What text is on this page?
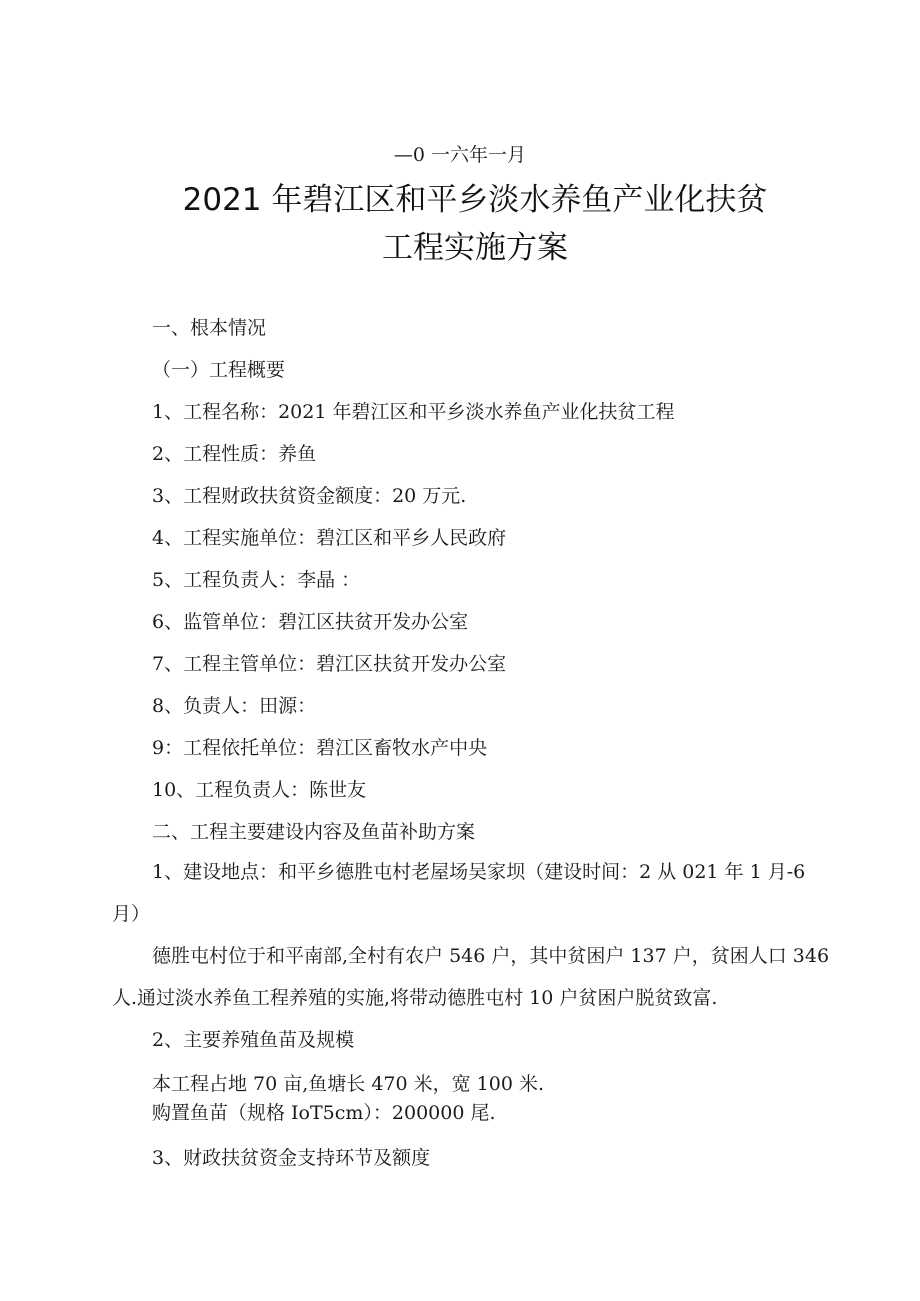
—0 一六年一月
2021 年碧江区和平乡淡水养鱼产业化扶贫
工程实施方案
一、根本情况
（一）工程概要
1、工程名称：2021 年碧江区和平乡淡水养鱼产业化扶贫工程
2、工程性质：养鱼
3、工程财政扶贫资金额度：20 万元.
4、工程实施单位：碧江区和平乡人民政府
5、工程负责人：李晶 ：
6、监管单位：碧江区扶贫开发办公室
7、工程主管单位：碧江区扶贫开发办公室
8、负责人：田源：
9：工程依托单位：碧江区畜牧水产中央
10、工程负责人：陈世友
二、工程主要建设内容及鱼苗补助方案
1、建设地点：和平乡德胜屯村老屋场吴家坝（建设时间：2 从 021 年 1 月-6
月）
德胜屯村位于和平南部,全村有农户 546 户，其中贫困户 137 户，贫困人口 346
人.通过淡水养鱼工程养殖的实施,将带动德胜屯村 10 户贫困户脱贫致富.
2、主要养殖鱼苗及规模
本工程占地 70 亩,鱼塘长 470 米，宽 100 米.
购置鱼苗（规格 IoT5cm）：200000 尾.
3、财政扶贫资金支持环节及额度
